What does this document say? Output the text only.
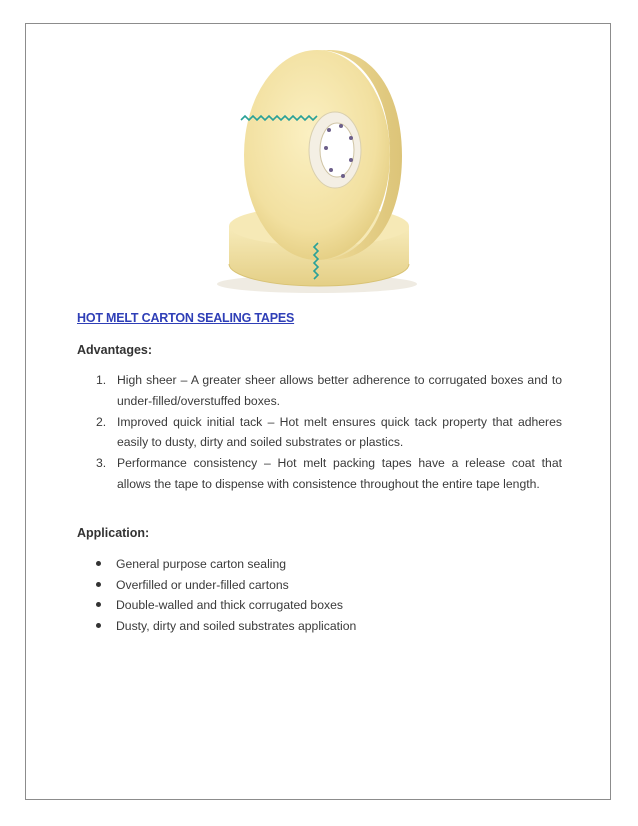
HOT MELT CARTON SEALING TAPES
Advantages:
1. High sheer – A greater sheer allows better adherence to corrugated boxes and to under-filled/overstuffed boxes.
2. Improved quick initial tack – Hot melt ensures quick tack property that adheres easily to dusty, dirty and soiled substrates or plastics.
3. Performance consistency – Hot melt packing tapes have a release coat that allows the tape to dispense with consistence throughout the entire tape length.
Application:
General purpose carton sealing
Overfilled or under-filled cartons
Double-walled and thick corrugated boxes
Dusty, dirty and soiled substrates application
